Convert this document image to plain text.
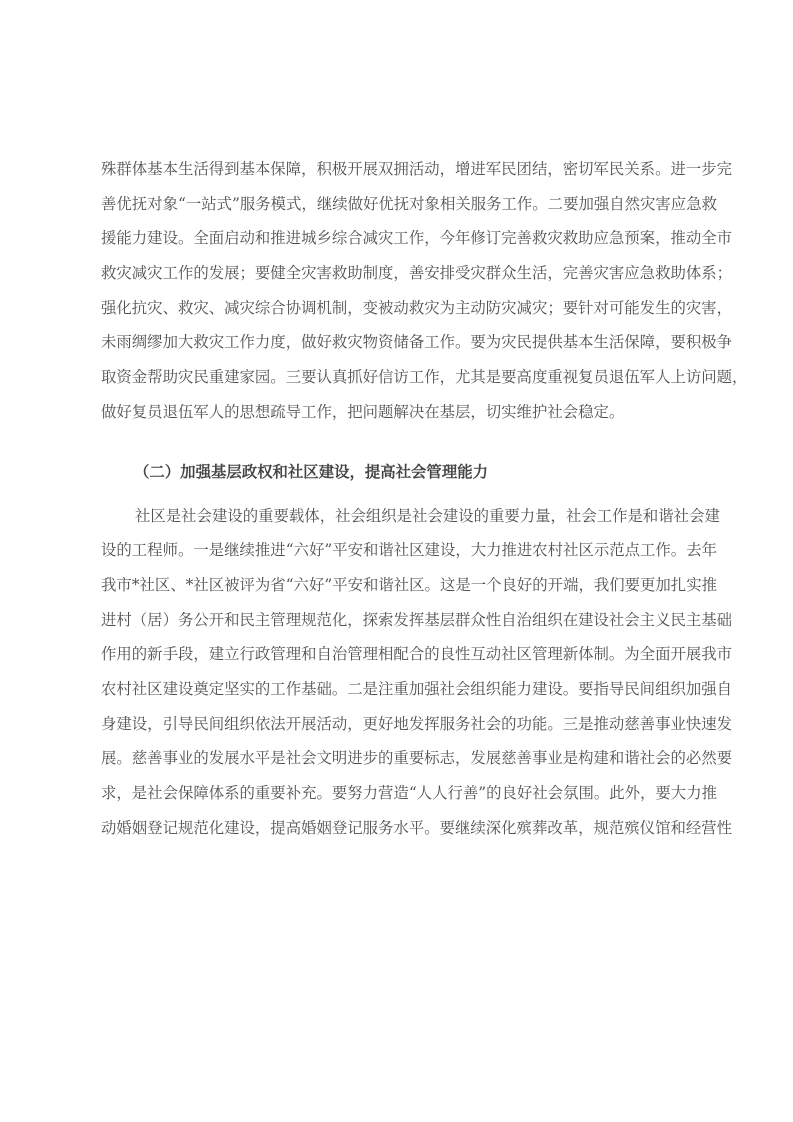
殊群体基本生活得到基本保障，积极开展双拥活动，增进军民团结，密切军民关系。进一步完
善优抚对象“一站式”服务模式，继续做好优抚对象相关服务工作。二要加强自然灾害应急救
援能力建设。全面启动和推进城乡综合减灾工作，今年修订完善救灾救助应急预案，推动全市
救灾减灾工作的发展；要健全灾害救助制度，善安排受灾群众生活，完善灾害应急救助体系；
强化抗灾、救灾、减灾综合协调机制，变被动救灾为主动防灾减灾；要针对可能发生的灾害，
未雨绸缪加大救灾工作力度，做好救灾物资储备工作。要为灾民提供基本生活保障，要积极争
取资金帮助灾民重建家园。三要认真抓好信访工作，尤其是要高度重视复员退伍军人上访问题，
做好复员退伍军人的思想疏导工作，把问题解决在基层，切实维护社会稳定。
（二）加强基层政权和社区建设，提高社会管理能力
社区是社会建设的重要载体，社会组织是社会建设的重要力量，社会工作是和谐社会建
设的工程师。一是继续推进“六好”平安和谐社区建设，大力推进农村社区示范点工作。去年
我市*社区、*社区被评为省“六好”平安和谐社区。这是一个良好的开端，我们要更加扎实推
进村（居）务公开和民主管理规范化，探索发挥基层群众性自治组织在建设社会主义民主基础
作用的新手段，建立行政管理和自治管理相配合的良性互动社区管理新体制。为全面开展我市
农村社区建设奠定坚实的工作基础。二是注重加强社会组织能力建设。要指导民间组织加强自
身建设，引导民间组织依法开展活动，更好地发挥服务社会的功能。三是推动慈善事业快速发
展。慈善事业的发展水平是社会文明进步的重要标志，发展慈善事业是构建和谐社会的必然要
求，是社会保障体系的重要补充。要努力营造“人人行善”的良好社会氛围。此外，要大力推
动婚姻登记规范化建设，提高婚姻登记服务水平。要继续深化殡葬改革，规范殡仪馆和经营性
